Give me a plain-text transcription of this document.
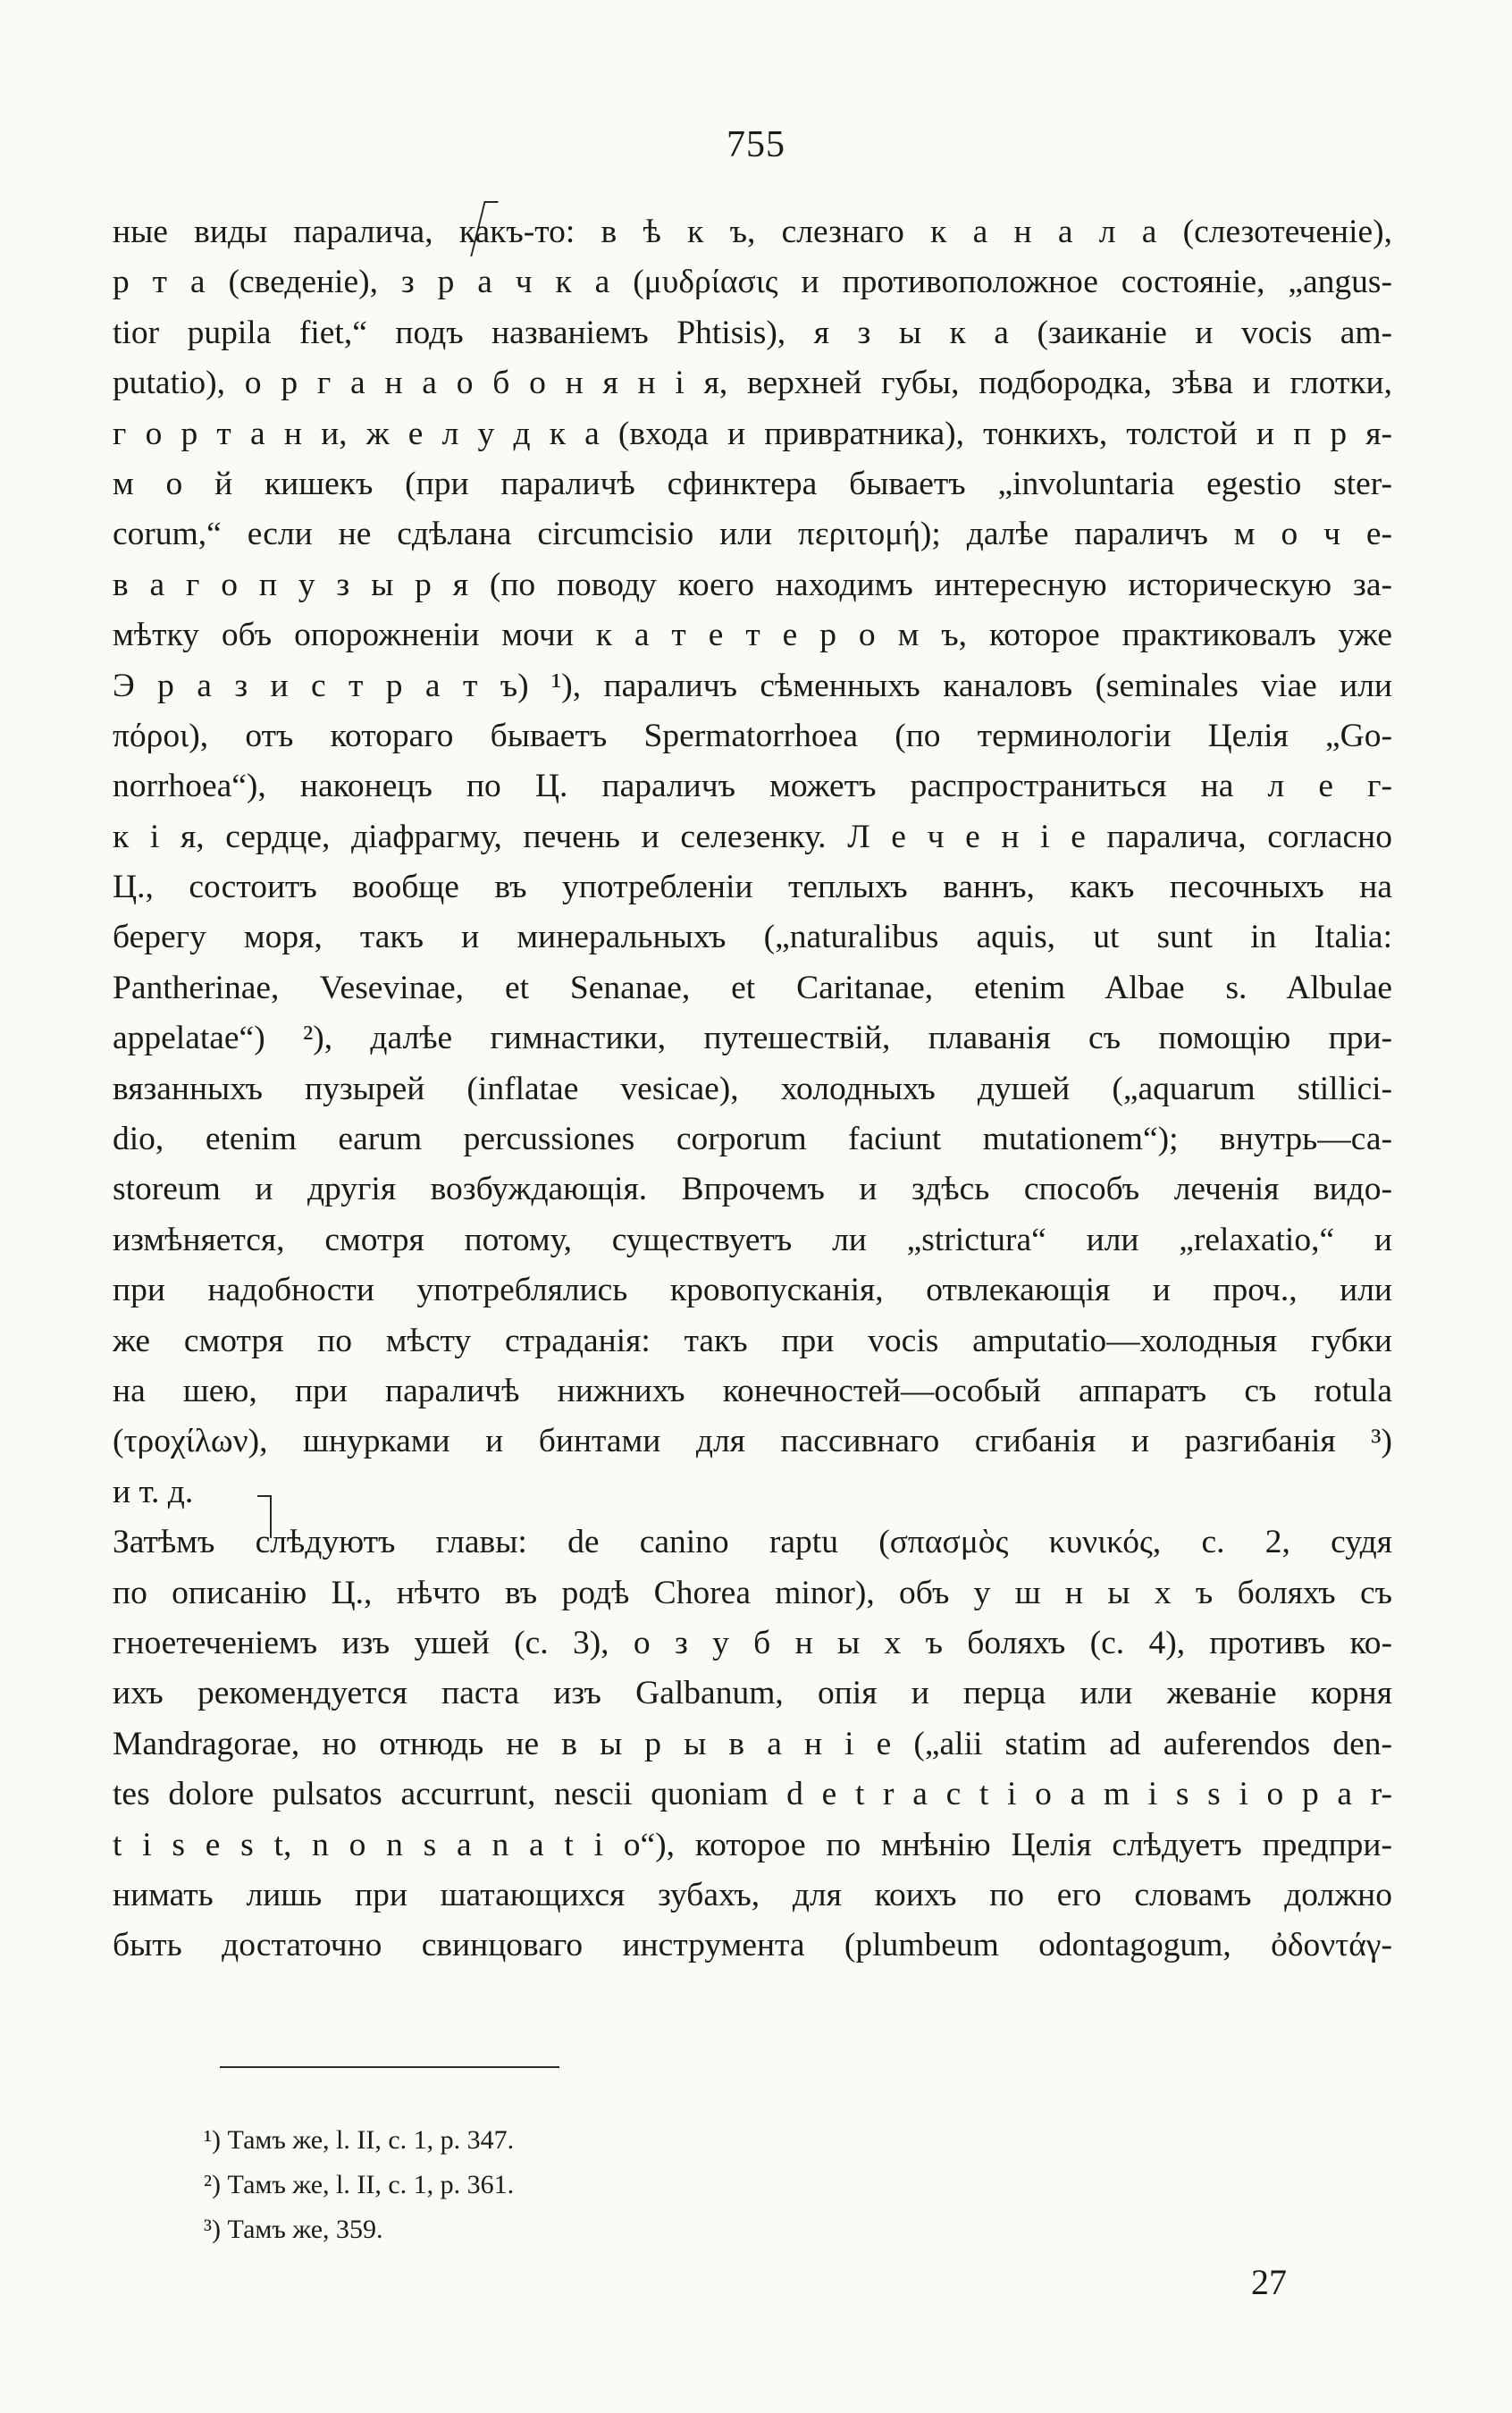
755
ные виды паралича, какъ-то: в ѣ к ъ, слезнаго к а н а л а (слезотеченіе),
р т а (сведеніе), з р а ч к а (μυδρίασις и противоположное состояніе, „angus-
tior pupila fiet,“ подъ названіемъ Phtisis), я з ы к а (заиканіе и vocis am-
putatio), о р г а н а о б о н я н і я, верхней губы, подбородка, зѣва и глотки,
г о р т а н и, ж е л у д к а (входа и привратника), тонкихъ, толстой и п р я-
м о й кишекъ (при параличѣ сфинктера бываетъ „involuntaria egestio ster-
corum,“ если не сдѣлана circumcisio или περιτομή); далѣе параличъ м о ч е-
в а г о п у з ы р я (по поводу коего находимъ интересную историческую за-
мѣтку объ опорожненіи мочи к а т е т е р о м ъ, которое практиковалъ уже
Э р а з и с т р а т ъ) ¹), параличъ сѣменныхъ каналовъ (seminales viae или
πόροι), отъ котораго бываетъ Spermatorrhoea (по терминологіи Целія „Go-
norrhoea“), наконецъ по Ц. параличъ можетъ распространиться на л е г-
к і я, сердце, діафрагму, печень и селезенку. Л е ч е н і е паралича, согласно
Ц., состоитъ вообще въ употребленіи теплыхъ ваннъ, какъ песочныхъ на
берегу моря, такъ и минеральныхъ („naturalibus aquis, ut sunt in Italia:
Pantherinae, Vesevinae, et Senanae, et Caritanae, etenim Albae s. Albulae
appelatae“) ²), далѣе гимнастики, путешествій, плаванія съ помощію при-
вязанныхъ пузырей (inflatae vesicae), холодныхъ душей („aquarum stillici-
dio, etenim earum percussiones corporum faciunt mutationem“); внутрь—са-
storeum и другія возбуждающія. Впрочемъ и здѣсь способъ леченія видо-
измѣняется, смотря потому, существуетъ ли „strictura“ или „relaxatio,“ и
при надобности употреблялись кровопусканія, отвлекающія и проч., или
же смотря по мѣсту страданія: такъ при vocis amputatio—холодныя губки
на шею, при параличѣ нижнихъ конечностей—особый аппаратъ съ rotula
(τροχίλων), шнурками и бинтами для пассивнаго сгибанія и разгибанія ³)
и т. д.
Затѣмъ слѣдуютъ главы: de canino raptu (σπασμὸς κυνικός, с. 2, судя
по описанію Ц., нѣчто въ родѣ Chorea minor), объ у ш н ы х ъ боляхъ съ
гноетеченіемъ изъ ушей (с. 3), о з у б н ы х ъ боляхъ (с. 4), противъ ко-
ихъ рекомендуется паста изъ Galbanum, опія и перца или жеваніе корня
Mandragorae, но отнюдь не в ы р ы в а н і е („alii statim ad auferendos den-
tes dolore pulsatos accurrunt, nescii quoniam d e t r a c t i o a m i s s i o p a r-
t i s e s t, n o n s a n a t i o“), которое по мнѣнію Целія слѣдуетъ предпри-
нимать лишь при шатающихся зубахъ, для коихъ по его словамъ должно
быть достаточно свинцоваго инструмента (plumbeum odontagogum, ὀδοντάγ-
¹) Тамъ же, l. II, с. 1, р. 347.
²) Тамъ же, l. II, с. 1, р. 361.
³) Тамъ же, 359.
27
